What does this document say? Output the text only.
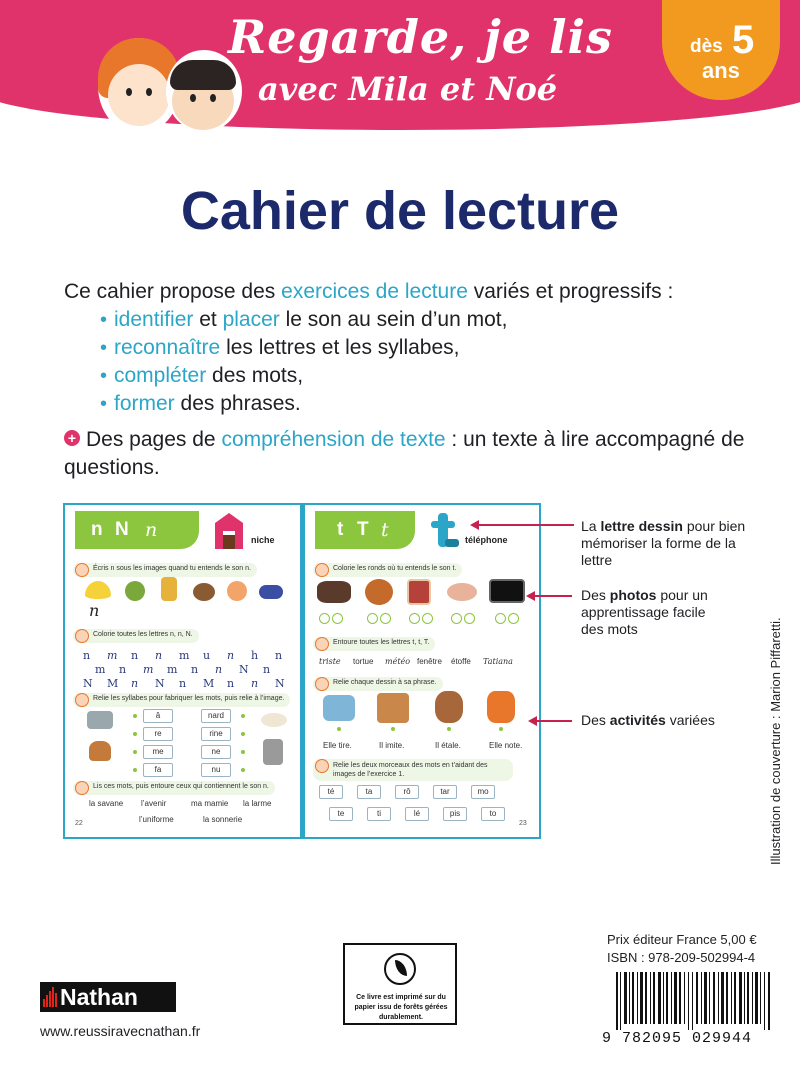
Regarde, je lis
avec Mila et Noé
dès 5
ans
Cahier de lecture

Ce cahier propose des exercices de lecture variés et progressifs :

• identifier et placer le son au sein d’un mot,
• reconnaître les lettres et les syllabes,
• compléter des mots,
• former des phrases.

+ Des pages de compréhension de texte : un texte à lire accompagné de questions.

n N n	niche
Écris n sous les images quand tu entends le son n.
n
Colorie toutes les lettres n, n, N.
n m n n m u n h n
m n m m n n N n
N M n N n M n n N
Relie les syllabes pour fabriquer les mots, puis relie à l’image.
â
re
me
fa
nard
rine
ne
nu
Lis ces mots, puis entoure ceux qui contiennent le son n.
la savane l’avenir	ma mamie la larme
l’uniforme	la sonnerie
22
t T t	téléphone
Colorie les ronds où tu entends le son t.
Entoure toutes les lettres t, t, T.
triste tortue météo fenêtre étoffe Tatiana
Relie chaque dessin à sa phrase.
Elle tire.	Il imite.	Il étale.	Elle note.
Relie les deux morceaux des mots en t’aidant des images de l’exercice 1.
té	ta	rô	tar	mo
te	ti	lé	pis	to
23
La lettre dessin pour bien mémoriser la forme de la lettre
Des photos pour un apprentissage facile des mots
Des activités variées	Illustration de couverture : Marion Piffaretti.
Nathan
www.reussiravecnathan.fr
Ce livre est imprimé sur du papier issu de forêts gérées durablement.
Prix éditeur France 5,00 €
ISBN : 978-209-502994-4
9 782095 029944
